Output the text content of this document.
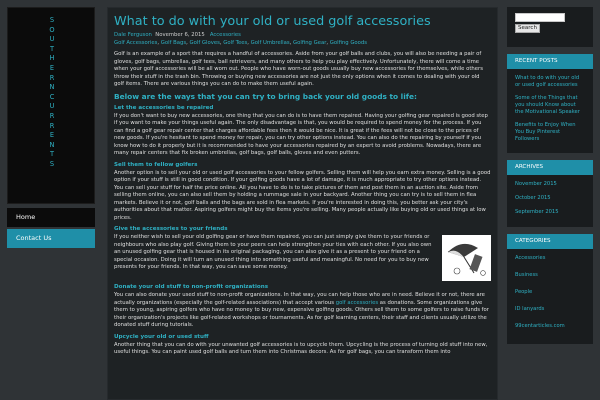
SOUTHERNCURRENTS
Home
Contact Us
What to do with your old or used golf accessories
Dale Ferguson November 6, 2015 Accessories
Golf Accessories, Golf Bags, Golf Gloves, Golf Tees, Golf Umbrellas, Golfing Gear, Golfing Goods

Golf is an example of a sport that requires a handful of accessories. Aside from your golf balls and clubs, you will also be needing a pair of gloves, golf bags, umbrellas, golf tees, ball retrievers, and many others to help you play effectively. Unfortunately, there will come a time when your golf accessories will be all worn out. People who have worn-out goods usually buy new accessories for themselves, while others throw their stuff in the trash bin. Throwing or buying new accessories are not just the only options when it comes to dealing with your old golf items. There are various things you can do to make them useful again.

Below are the ways that you can try to bring back your old goods to life:
Let the accessories be repaired

If you don't want to buy new accessories, one thing that you can do is to have them repaired. Having your golfing gear repaired is good step if you want to make your things useful again. The only disadvantage is that, you would be required to spend money for the process. If you can find a golf gear repair center that charges affordable fees then it would be nice. It is great if the fees will not be close to the prices of new goods. If you're hesitant to spend money for repair, you can try other options instead. You can also do the repairing by yourself if you know how to do it properly but it is recommended to have your accessories repaired by an expert to avoid problems. Nowadays, there are many repair centers that fix broken umbrellas, golf bags, golf balls, gloves and even putters.

Sell them to fellow golfers

Another option is to sell your old or used golf accessories to your fellow golfers. Selling them will help you earn extra money. Selling is a good option if your stuff is still in good condition. If your golfing goods have a lot of damage, it is much appropriate to try other options instead. You can sell your stuff for half the price online. All you have to do is to take pictures of them and post them in an auction site. Aside from selling them online, you can also sell them by holding a rummage sale in your backyard. Another thing you can try is to sell them in flea markets. Believe it or not, golf balls and the bags are sold in flea markets. If you're interested in doing this, you better ask your city's authorities about that matter. Aspiring golfers might buy the items you're selling. Many people actually like buying old or used things at low prices.

Give the accessories to your friends

If you neither wish to sell your old golfing gear or have them repaired, you can just simply give them to your friends or neighbours who also play golf. Giving them to your peers can help strengthen your ties with each other. If you also own an unused golfing gear that is housed in its original packaging, you can also give it as a present to your friend on a special occasion. Doing it will turn an unused thing into something useful and meaningful. No need for you to buy new presents for your friends. In that way, you can save some money.

Donate your old stuff to non-profit organizations

You can also donate your used stuff to non-profit organizations. In that way, you can help those who are in need. Believe it or not, there are actually organizations (especially the golf-related associations) that accept various golf accessories as donations. Some organizations give them to young, aspiring golfers who have no money to buy new, expensive golfing goods. Others sell them to some golfers to raise funds for their organization's projects like golf-related workshops or tournaments. As for golf learning centers, their staff and clients usually utilize the donated stuff during tutorials.

Upcycle your old or used stuff

Another thing that you can do with your unwanted golf accessories is to upcycle them. Upcycling is the process of turning old stuff into new, useful things. You can paint used golf balls and turn them into Christmas decors. As for golf bags, you can transform them into

Search
RECENT POSTS
What to do with your old or used golf accessories
Some of the Things that you should Know about the Motivational Speaker
Benefits to Enjoy When You Buy Pinterest Followers
ARCHIVES
November 2015
October 2015
September 2015
CATEGORIES
Accessories
Business
People
ID lanyards
99centarticles.com
